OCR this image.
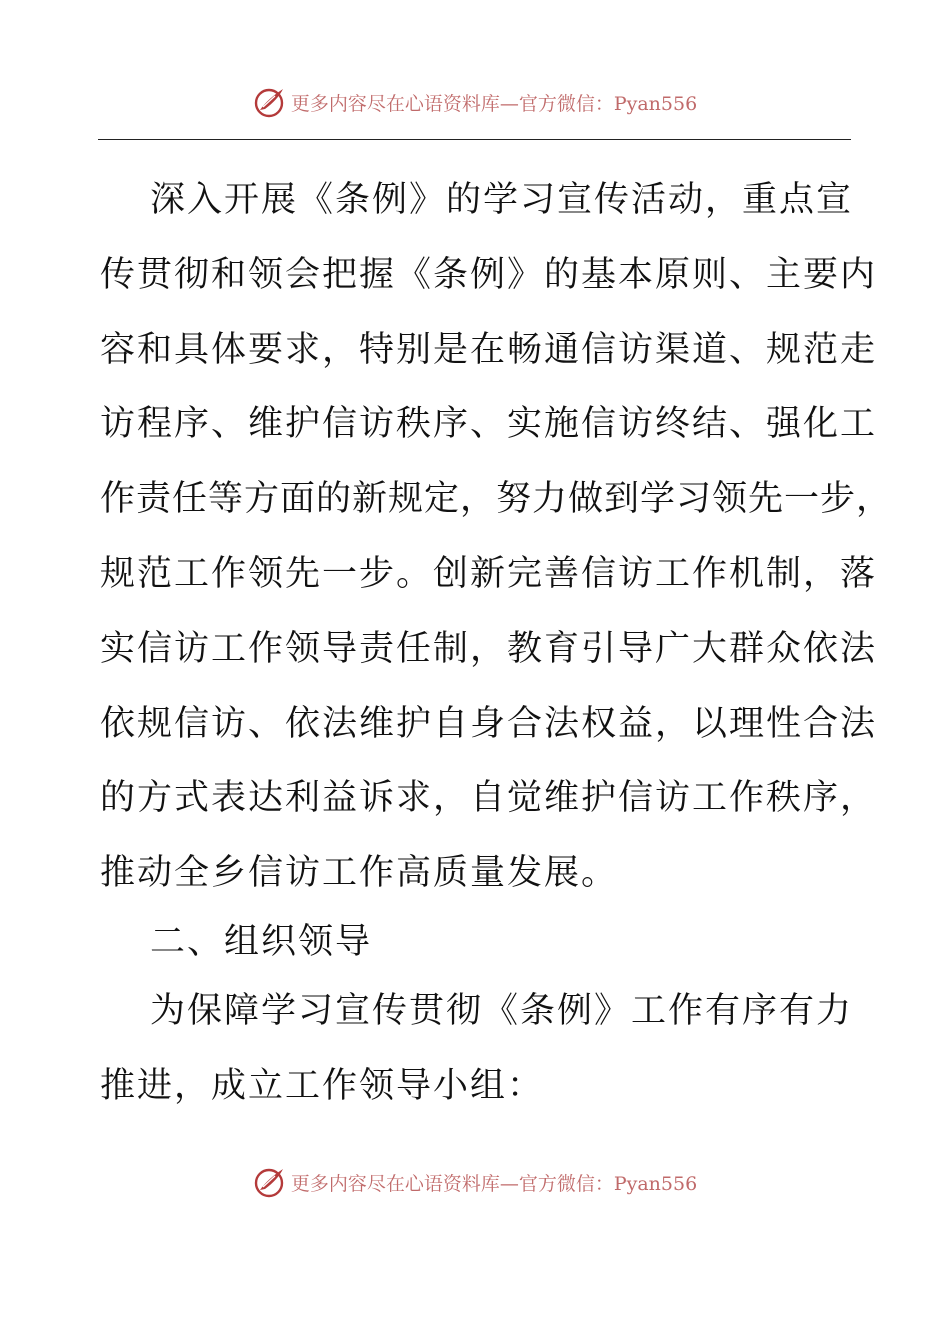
更多内容尽在心语资料库—官方微信：Pyan556
深入开展《条例》的学习宣传活动，重点宣
传贯彻和领会把握《条例》的基本原则、主要内
容和具体要求，特别是在畅通信访渠道、规范走
访程序、维护信访秩序、实施信访终结、强化工
作责任等方面的新规定，努力做到学习领先一步，
规范工作领先一步。创新完善信访工作机制，落
实信访工作领导责任制，教育引导广大群众依法
依规信访、依法维护自身合法权益，以理性合法
的方式表达利益诉求，自觉维护信访工作秩序，
推动全乡信访工作高质量发展。
二、组织领导
为保障学习宣传贯彻《条例》工作有序有力
推进，成立工作领导小组：
更多内容尽在心语资料库—官方微信：Pyan556
